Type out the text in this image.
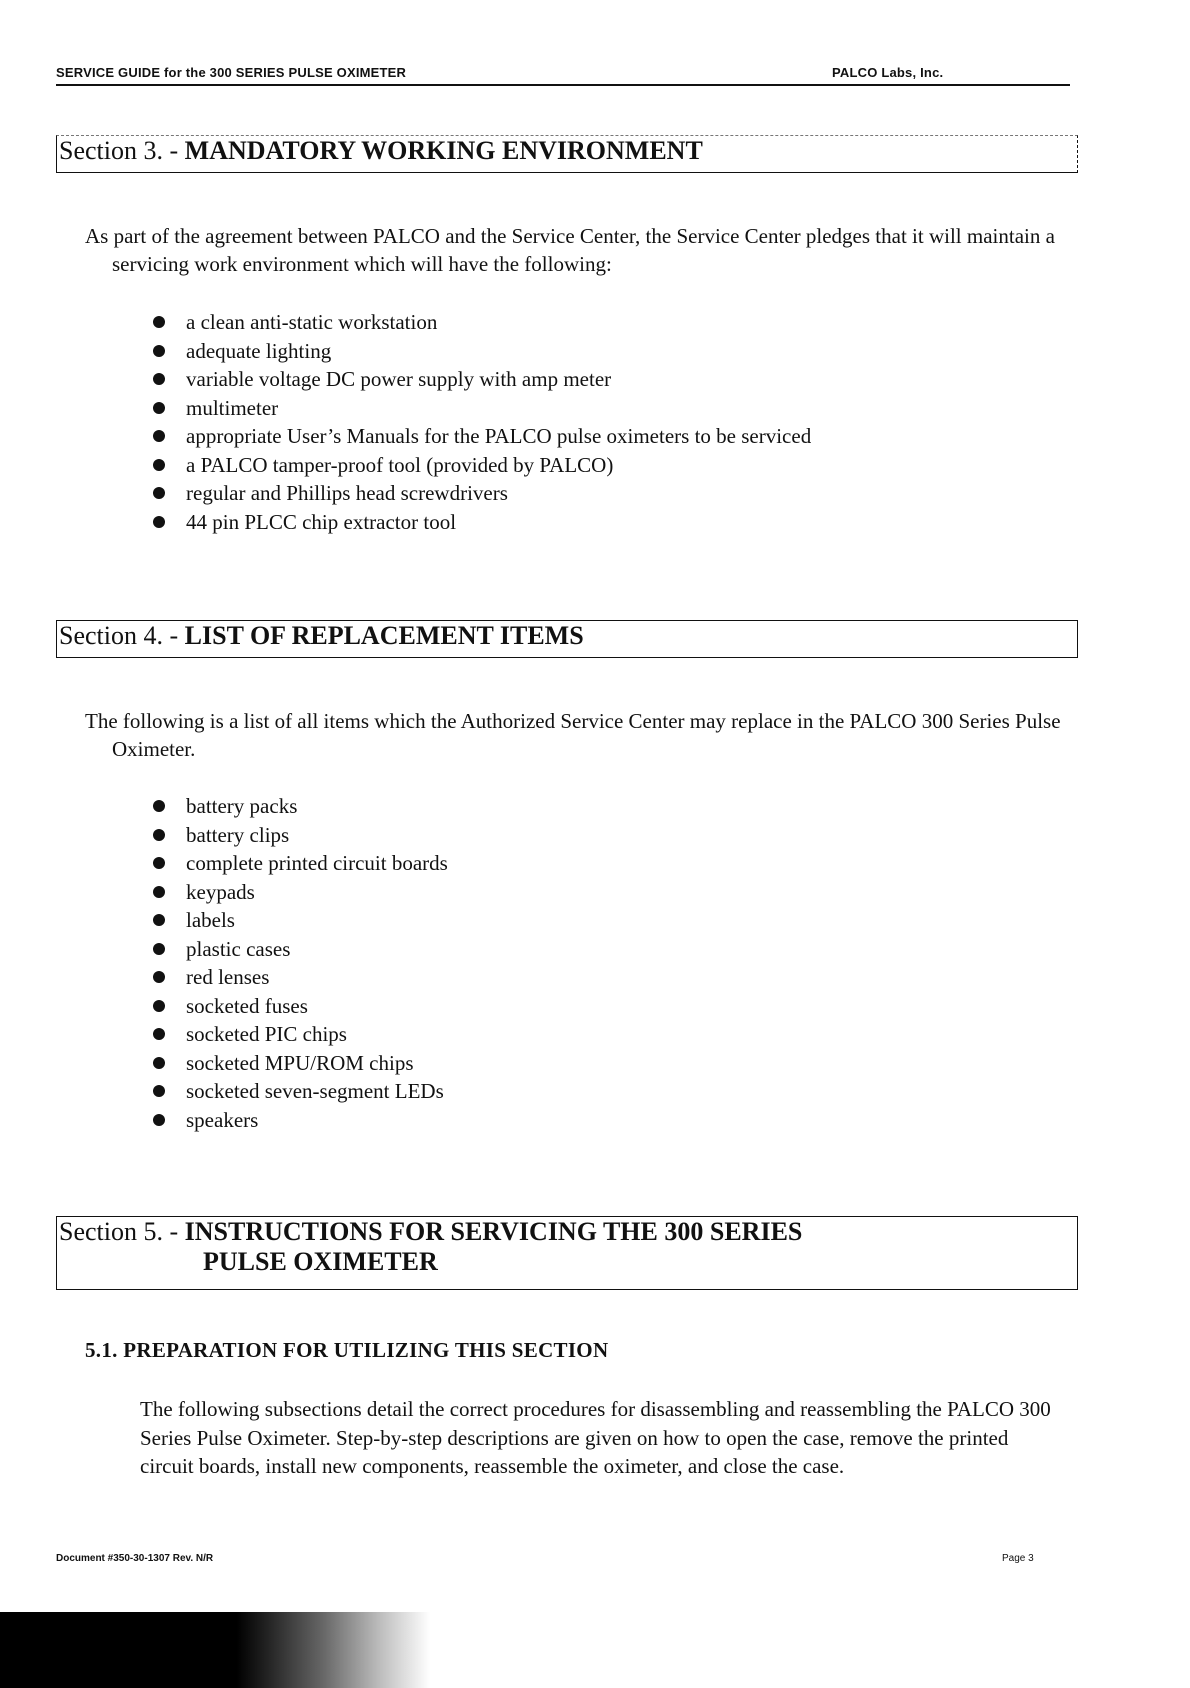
SERVICE GUIDE for the 300 SERIES PULSE OXIMETER	PALCO Labs, Inc.
Section 3. - MANDATORY WORKING ENVIRONMENT

As part of the agreement between PALCO and the Service Center, the Service Center pledges that it will maintain a servicing work environment which will have the following:

a clean anti-static workstation
adequate lighting
variable voltage DC power supply with amp meter
multimeter
appropriate User’s Manuals for the PALCO pulse oximeters to be serviced
a PALCO tamper-proof tool (provided by PALCO)
regular and Phillips head screwdrivers
44 pin PLCC chip extractor tool
Section 4. - LIST OF REPLACEMENT ITEMS

The following is a list of all items which the Authorized Service Center may replace in the PALCO 300 Series Pulse Oximeter.

battery packs
battery clips
complete printed circuit boards
keypads
labels
plastic cases
red lenses
socketed fuses
socketed PIC chips
socketed MPU/ROM chips
socketed seven-segment LEDs
speakers
Section 5. - INSTRUCTIONS FOR SERVICING THE 300 SERIES
PULSE OXIMETER
5.1. PREPARATION FOR UTILIZING THIS SECTION

The following subsections detail the correct procedures for disassembling and reassembling the PALCO 300 Series Pulse Oximeter. Step-by-step descriptions are given on how to open the case, remove the printed circuit boards, install new components, reassemble the oximeter, and close the case.

Document #350-30-1307 Rev. N/R	Page 3
